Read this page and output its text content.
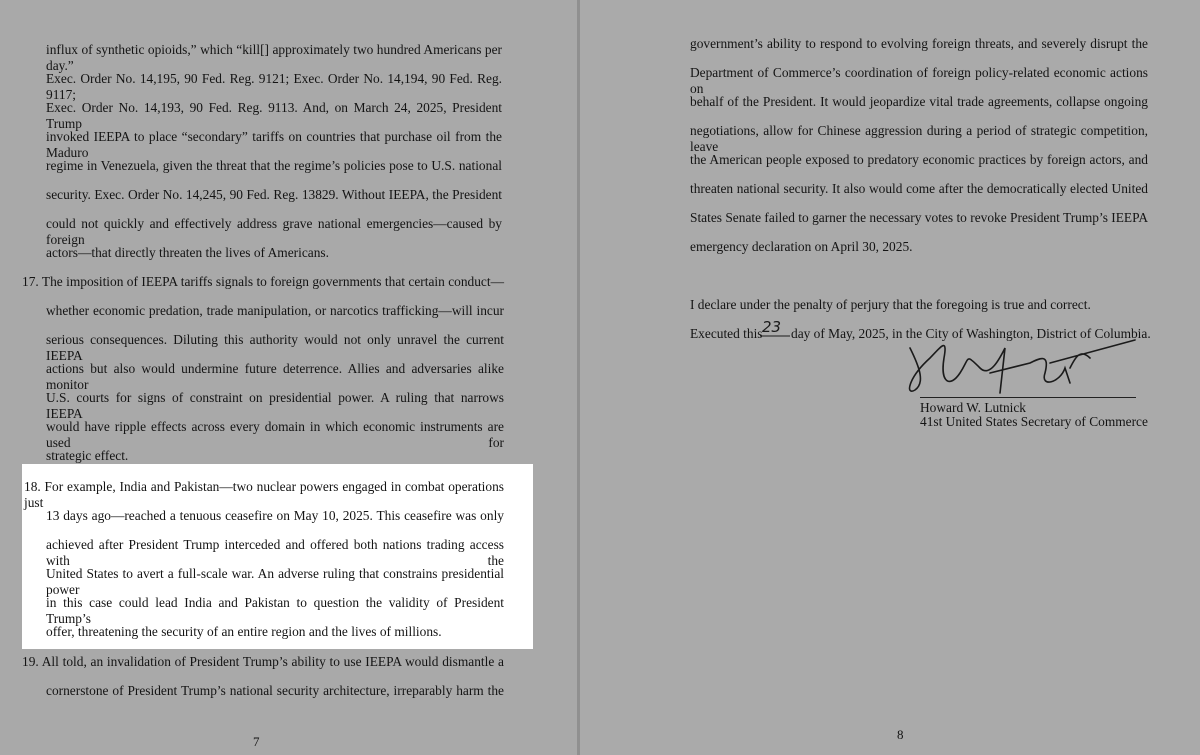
influx of synthetic opioids,” which “kill[] approximately two hundred Americans per day.”
Exec. Order No. 14,195, 90 Fed. Reg. 9121; Exec. Order No. 14,194, 90 Fed. Reg. 9117;
Exec. Order No. 14,193, 90 Fed. Reg. 9113. And, on March 24, 2025, President Trump
invoked IEEPA to place “secondary” tariffs on countries that purchase oil from the Maduro
regime in Venezuela, given the threat that the regime’s policies pose to U.S. national
security. Exec. Order No. 14,245, 90 Fed. Reg. 13829. Without IEEPA, the President
could not quickly and effectively address grave national emergencies—caused by foreign
actors—that directly threaten the lives of Americans.
17. The imposition of IEEPA tariffs signals to foreign governments that certain conduct—
whether economic predation, trade manipulation, or narcotics trafficking—will incur
serious consequences. Diluting this authority would not only unravel the current IEEPA
actions but also would undermine future deterrence. Allies and adversaries alike monitor
U.S. courts for signs of constraint on presidential power. A ruling that narrows IEEPA
would have ripple effects across every domain in which economic instruments are used for
strategic effect.
18. For example, India and Pakistan—two nuclear powers engaged in combat operations just
13 days ago—reached a tenuous ceasefire on May 10, 2025. This ceasefire was only
achieved after President Trump interceded and offered both nations trading access with the
United States to avert a full-scale war. An adverse ruling that constrains presidential power
in this case could lead India and Pakistan to question the validity of President Trump’s
offer, threatening the security of an entire region and the lives of millions.
19. All told, an invalidation of President Trump’s ability to use IEEPA would dismantle a
cornerstone of President Trump’s national security architecture, irreparably harm the
7
government’s ability to respond to evolving foreign threats, and severely disrupt the
Department of Commerce’s coordination of foreign policy-related economic actions on
behalf of the President. It would jeopardize vital trade agreements, collapse ongoing
negotiations, allow for Chinese aggression during a period of strategic competition, leave
the American people exposed to predatory economic practices by foreign actors, and
threaten national security. It also would come after the democratically elected United
States Senate failed to garner the necessary votes to revoke President Trump’s IEEPA
emergency declaration on April 30, 2025.
I declare under the penalty of perjury that the foregoing is true and correct.
Executed this 23 day of May, 2025, in the City of Washington, District of Columbia.
Howard W. Lutnick
41st United States Secretary of Commerce
8
